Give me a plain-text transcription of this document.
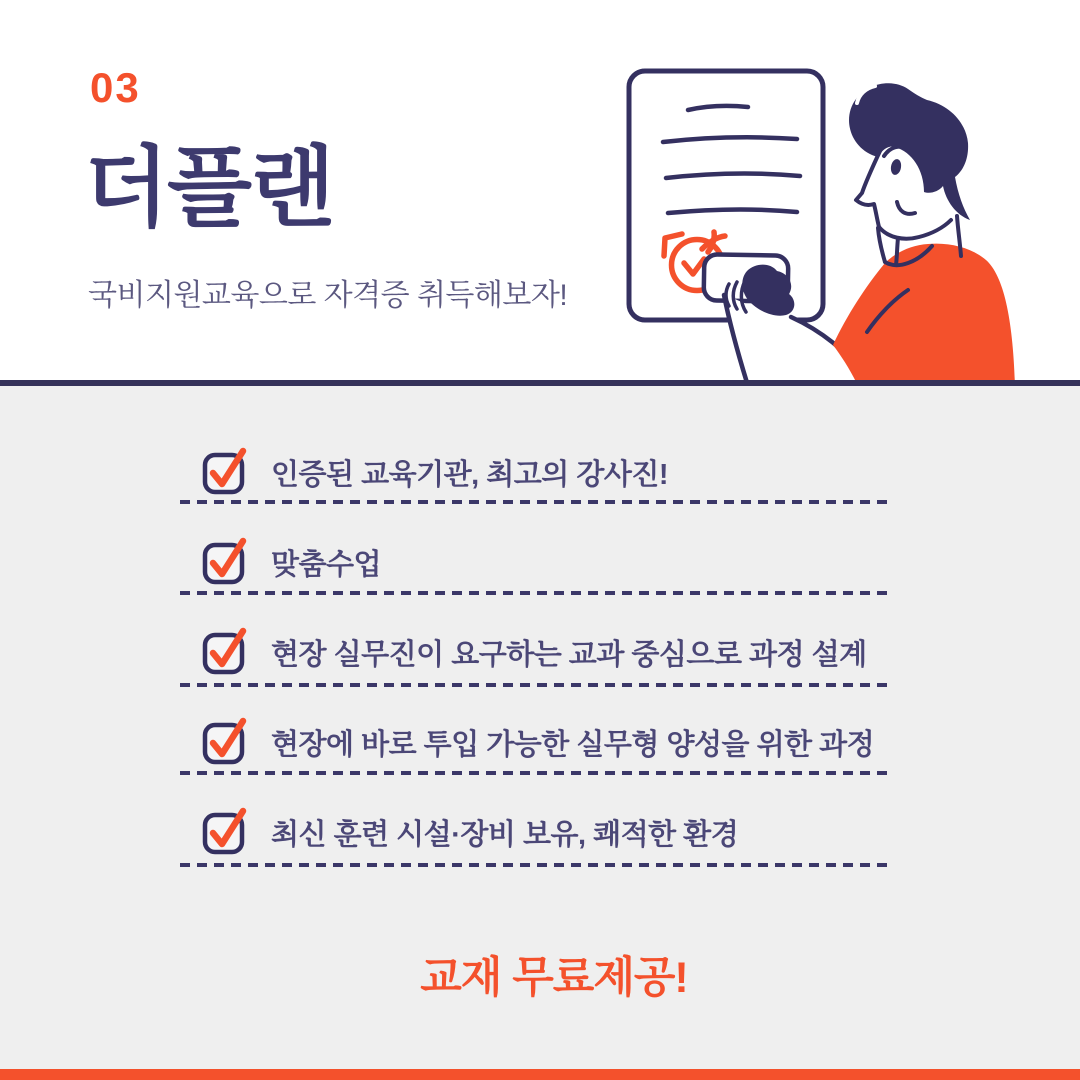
03
더플랜
국비지원교육으로 자격증 취득해보자!
인증된 교육기관, 최고의 강사진!
맞춤수업
현장 실무진이 요구하는 교과 중심으로 과정 설계
현장에 바로 투입 가능한 실무형 양성을 위한 과정
최신 훈련 시설·장비 보유, 쾌적한 환경
교재 무료제공!
